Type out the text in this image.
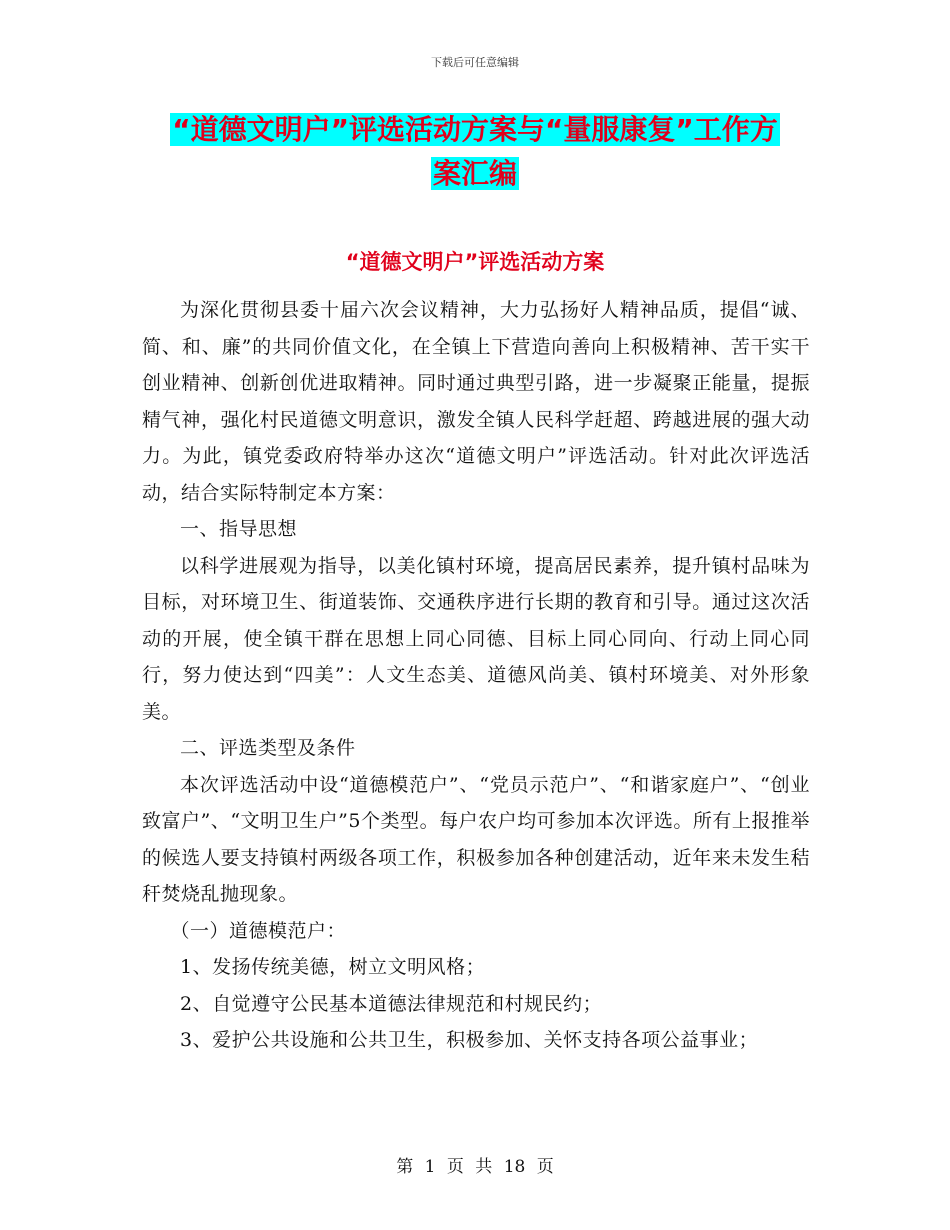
下载后可任意编辑
“道德文明户”评选活动方案与“量服康复”工作方
案汇编
“道德文明户”评选活动方案

为深化贯彻县委十届六次会议精神，大力弘扬好人精神品质，提倡“诚、简、和、廉”的共同价值文化，在全镇上下营造向善向上积极精神、苦干实干创业精神、创新创优进取精神。同时通过典型引路，进一步凝聚正能量，提振精气神，强化村民道德文明意识，激发全镇人民科学赶超、跨越进展的强大动力。为此，镇党委政府特举办这次“道德文明户”评选活动。针对此次评选活动，结合实际特制定本方案：

一、指导思想

以科学进展观为指导，以美化镇村环境，提高居民素养，提升镇村品味为目标，对环境卫生、街道装饰、交通秩序进行长期的教育和引导。通过这次活动的开展，使全镇干群在思想上同心同德、目标上同心同向、行动上同心同行，努力使达到“四美”：人文生态美、道德风尚美、镇村环境美、对外形象美。

二、评选类型及条件

本次评选活动中设“道德模范户”、“党员示范户”、“和谐家庭户”、“创业致富户”、“文明卫生户”5个类型。每户农户均可参加本次评选。所有上报推举的候选人要支持镇村两级各项工作，积极参加各种创建活动，近年来未发生秸秆焚烧乱抛现象。

（一）道德模范户：

1、发扬传统美德，树立文明风格；

2、自觉遵守公民基本道德法律规范和村规民约；

3、爱护公共设施和公共卫生，积极参加、关怀支持各项公益事业；

第 1 页 共 18 页
